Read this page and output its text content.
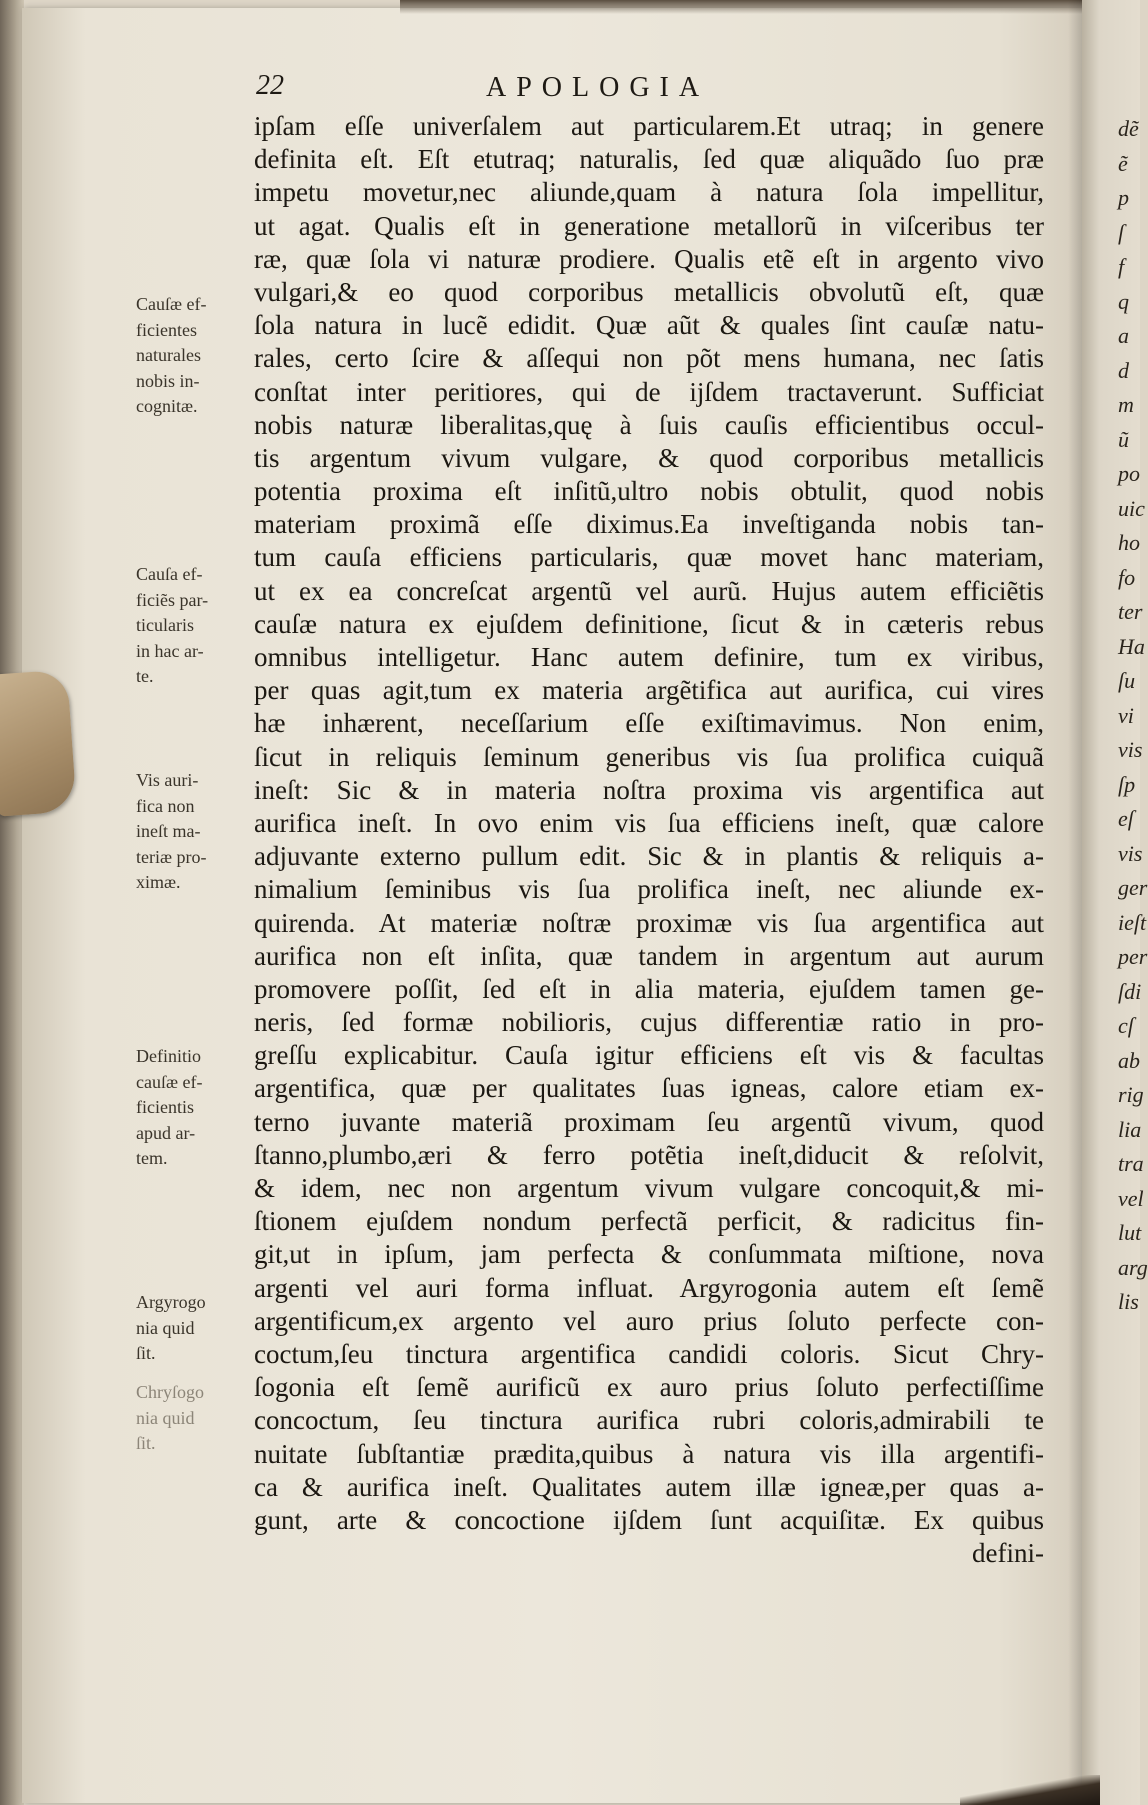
dẽ
ẽ
p
ſ
f
q
a
d
m
ũ
po
uic
ho
fo
ter
Ha
ſu
vi
vis
ſp
eſ
vis
ger
ieſt
per
ſdi
cſ
ab
rig
lia
tra
vel
lut
arg
lis
22	APOLOGIA
ipſam eſſe univerſalem aut particularem.Et utraq; in genere
definita eſt. Eſt etutraq; naturalis, ſed quæ aliquãdo ſuo præ
impetu movetur,nec aliunde,quam à natura ſola impellitur,
ut agat. Qualis eſt in generatione metallorũ in viſceribus ter
ræ, quæ ſola vi naturæ prodiere. Qualis etẽ eſt in argento vivo
vulgari,& eo quod corporibus metallicis obvolutũ eſt, quæ
ſola natura in lucẽ edidit. Quæ aũt & quales ſint cauſæ natu-
rales, certo ſcire & aſſequi non põt mens humana, nec ſatis
conſtat inter peritiores, qui de ijſdem tractaverunt. Sufficiat
nobis naturæ liberalitas,quę à ſuis cauſis efficientibus occul-
tis argentum vivum vulgare, & quod corporibus metallicis
potentia proxima eſt inſitũ,ultro nobis obtulit, quod nobis
materiam proximã eſſe diximus.Ea inveſtiganda nobis tan-
tum cauſa efficiens particularis, quæ movet hanc materiam,
ut ex ea concreſcat argentũ vel aurũ. Hujus autem efficiẽtis
cauſæ natura ex ejuſdem definitione, ſicut & in cæteris rebus
omnibus intelligetur. Hanc autem definire, tum ex viribus,
per quas agit,tum ex materia argẽtifica aut aurifica, cui vires
hæ inhærent, neceſſarium eſſe exiſtimavimus. Non enim,
ſicut in reliquis ſeminum generibus vis ſua prolifica cuiquã
ineſt: Sic & in materia noſtra proxima vis argentifica aut
aurifica ineſt. In ovo enim vis ſua efficiens ineſt, quæ calore
adjuvante externo pullum edit. Sic & in plantis & reliquis a-
nimalium ſeminibus vis ſua prolifica ineſt, nec aliunde ex-
quirenda. At materiæ noſtræ proximæ vis ſua argentifica aut
aurifica non eſt inſita, quæ tandem in argentum aut aurum
promovere poſſit, ſed eſt in alia materia, ejuſdem tamen ge-
neris, ſed formæ nobilioris, cujus differentiæ ratio in pro-
greſſu explicabitur. Cauſa igitur efficiens eſt vis & facultas
argentifica, quæ per qualitates ſuas igneas, calore etiam ex-
terno juvante materiã proximam ſeu argentũ vivum, quod
ſtanno,plumbo,æri & ferro potẽtia ineſt,diducit & reſolvit,
& idem, nec non argentum vivum vulgare concoquit,& mi-
ſtionem ejuſdem nondum perfectã perficit, & radicitus fin-
git,ut in ipſum, jam perfecta & conſummata miſtione, nova
argenti vel auri forma influat. Argyrogonia autem eſt ſemẽ
argentificum,ex argento vel auro prius ſoluto perfecte con-
coctum,ſeu tinctura argentifica candidi coloris. Sicut Chry-
ſogonia eſt ſemẽ aurificũ ex auro prius ſoluto perfectiſſime
concoctum, ſeu tinctura aurifica rubri coloris,admirabili te
nuitate ſubſtantiæ prædita,quibus à natura vis illa argentifi-
ca & aurifica ineſt. Qualitates autem illæ igneæ,per quas a-
gunt, arte & concoctione ijſdem ſunt acquiſitæ. Ex quibus
defini-
Cauſæ ef-
ficientes
naturales
nobis in-
cognitæ.
Cauſa ef-
ficiẽs par-
ticularis
in hac ar-
te.
Vis auri-
fica non
ineſt ma-
teriæ pro-
ximæ.
Definitio
cauſæ ef-
ficientis
apud ar-
tem.
Argyrogo
nia quid
ſit.
Chryſogo
nia quid
ſit.
